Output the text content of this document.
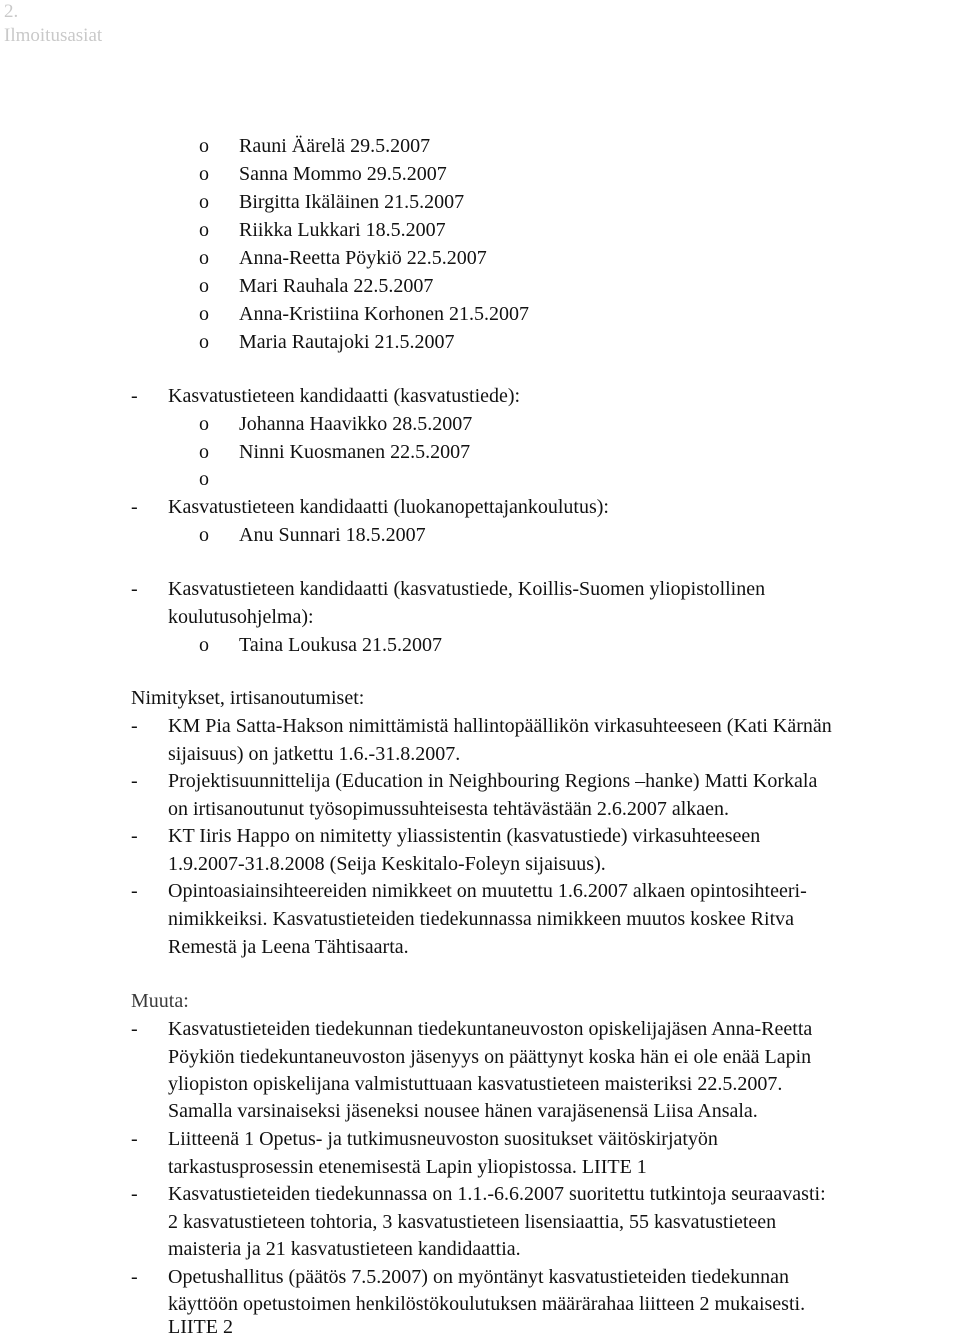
2.
Ilmoitusasiat
o Rauni Äärelä 29.5.2007
o Sanna Mommo 29.5.2007
o Birgitta Ikäläinen 21.5.2007
o Riikka Lukkari 18.5.2007
o Anna-Reetta Pöykiö 22.5.2007
o Mari Rauhala 22.5.2007
o Anna-Kristiina Korhonen 21.5.2007
o Maria Rautajoki 21.5.2007
- Kasvatustieteen kandidaatti (kasvatustiede):
o Johanna Haavikko 28.5.2007
o Ninni Kuosmanen 22.5.2007
o
- Kasvatustieteen kandidaatti (luokanopettajankoulutus):
o Anu Sunnari 18.5.2007
- Kasvatustieteen kandidaatti (kasvatustiede, Koillis-Suomen yliopistollinen
koulutusohjelma):
o Taina Loukusa 21.5.2007
Nimitykset, irtisanoutumiset:
- KM Pia Satta-Hakson nimittämistä hallintopäällikön virkasuhteeseen (Kati Kärnän
sijaisuus) on jatkettu 1.6.-31.8.2007.
- Projektisuunnittelija (Education in Neighbouring Regions –hanke) Matti Korkala
on irtisanoutunut työsopimussuhteisesta tehtävästään 2.6.2007 alkaen.
- KT Iiris Happo on nimitetty yliassistentin (kasvatustiede) virkasuhteeseen
1.9.2007-31.8.2008 (Seija Keskitalo-Foleyn sijaisuus).
- Opintoasiainsihteereiden nimikkeet on muutettu 1.6.2007 alkaen opintosihteeri-
nimikkeiksi. Kasvatustieteiden tiedekunnassa nimikkeen muutos koskee Ritva
Remestä ja Leena Tähtisaarta.
Muuta:
- Kasvatustieteiden tiedekunnan tiedekuntaneuvoston opiskelijajäsen Anna-Reetta
Pöykiön tiedekuntaneuvoston jäsenyys on päättynyt koska hän ei ole enää Lapin
yliopiston opiskelijana valmistuttuaan kasvatustieteen maisteriksi 22.5.2007.
Samalla varsinaiseksi jäseneksi nousee hänen varajäsenensä Liisa Ansala.
- Liitteenä 1 Opetus- ja tutkimusneuvoston suositukset väitöskirjatyön
tarkastusprosessin etenemisestä Lapin yliopistossa. LIITE 1
- Kasvatustieteiden tiedekunnassa on 1.1.-6.6.2007 suoritettu tutkintoja seuraavasti:
2 kasvatustieteen tohtoria, 3 kasvatustieteen lisensiaattia, 55 kasvatustieteen
maisteria ja 21 kasvatustieteen kandidaattia.
- Opetushallitus (päätös 7.5.2007) on myöntänyt kasvatustieteiden tiedekunnan
käyttöön opetustoimen henkilöstökoulutuksen määrärahaa liitteen 2 mukaisesti.
LIITE 2
